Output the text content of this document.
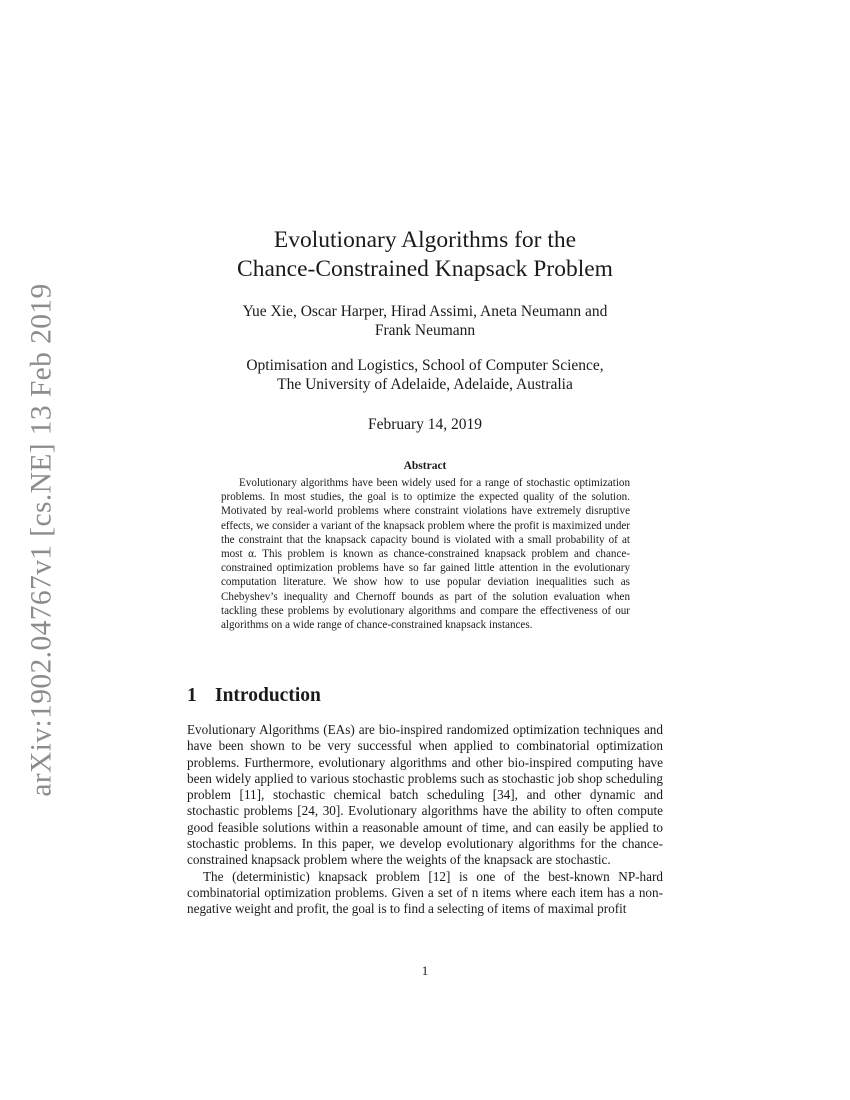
arXiv:1902.04767v1 [cs.NE] 13 Feb 2019
Evolutionary Algorithms for the
Chance-Constrained Knapsack Problem
Yue Xie, Oscar Harper, Hirad Assimi, Aneta Neumann and
Frank Neumann
Optimisation and Logistics, School of Computer Science,
The University of Adelaide, Adelaide, Australia
February 14, 2019
Abstract

Evolutionary algorithms have been widely used for a range of stochastic optimization problems. In most studies, the goal is to optimize the expected quality of the solution. Motivated by real-world problems where constraint violations have extremely disruptive effects, we consider a variant of the knapsack problem where the profit is maximized under the constraint that the knapsack capacity bound is violated with a small probability of at most α. This problem is known as chance-constrained knapsack problem and chance-constrained optimization problems have so far gained little attention in the evolutionary computation literature. We show how to use popular deviation inequalities such as Chebyshev’s inequality and Chernoff bounds as part of the solution evaluation when tackling these problems by evolutionary algorithms and compare the effectiveness of our algorithms on a wide range of chance-constrained knapsack instances.

1 Introduction

Evolutionary Algorithms (EAs) are bio-inspired randomized optimization techniques and have been shown to be very successful when applied to combinatorial optimization problems. Furthermore, evolutionary algorithms and other bio-inspired computing have been widely applied to various stochastic problems such as stochastic job shop scheduling problem [11], stochastic chemical batch scheduling [34], and other dynamic and stochastic problems [24, 30]. Evolutionary algorithms have the ability to often compute good feasible solutions within a reasonable amount of time, and can easily be applied to stochastic problems. In this paper, we develop evolutionary algorithms for the chance-constrained knapsack problem where the weights of the knapsack are stochastic.

The (deterministic) knapsack problem [12] is one of the best-known NP-hard combinatorial optimization problems. Given a set of n items where each item has a non-negative weight and profit, the goal is to find a selecting of items of maximal profit

1
